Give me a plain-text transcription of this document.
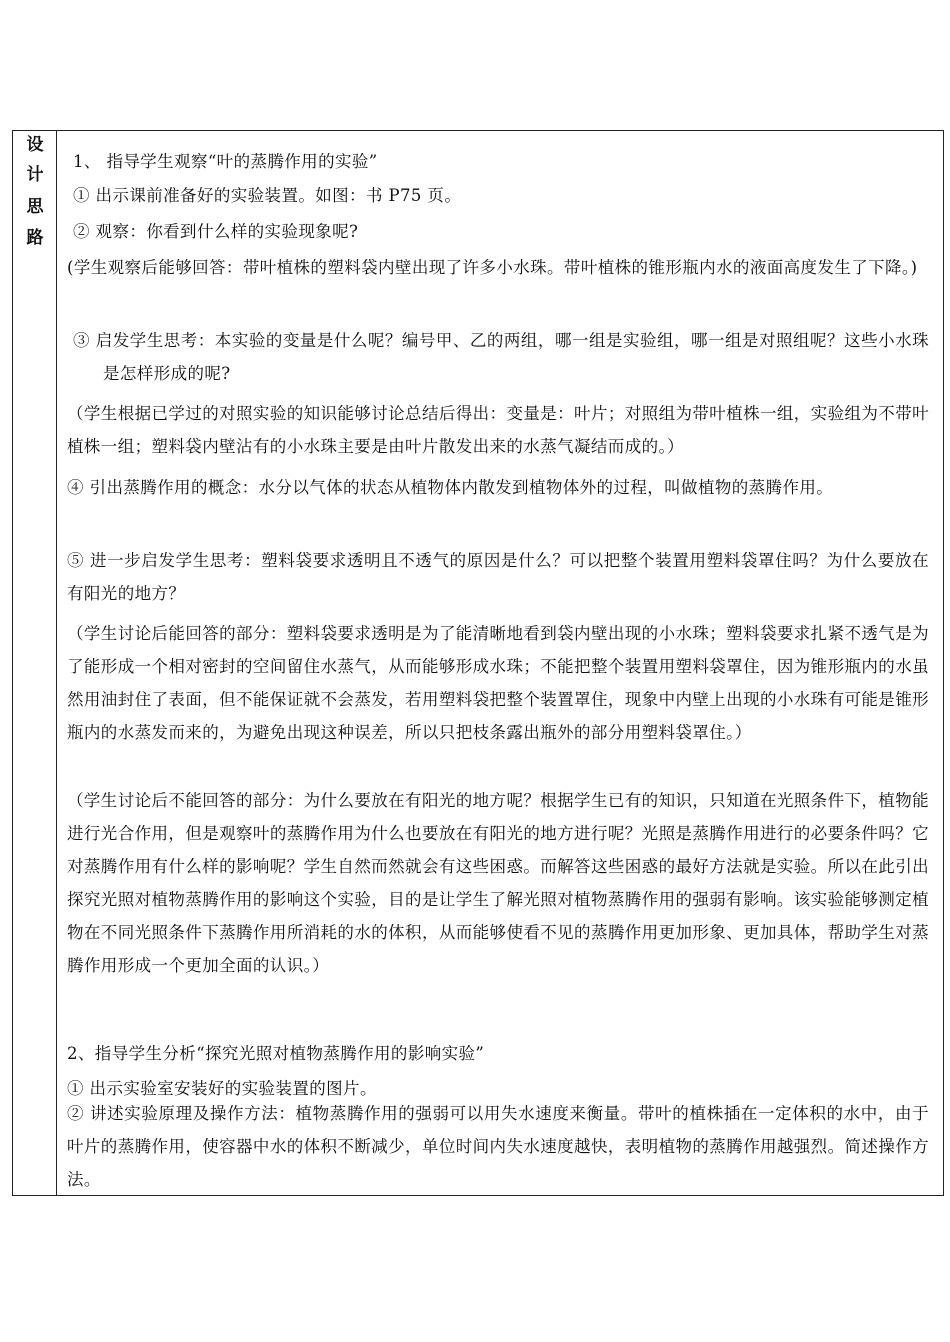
设
计
思
路

1、 指导学生观察“叶的蒸腾作用的实验”

① 出示课前准备好的实验装置。如图：书 P75 页。

② 观察：你看到什么样的实验现象呢?

(学生观察后能够回答：带叶植株的塑料袋内壁出现了许多小水珠。带叶植株的锥形瓶内水的液面高度发生了下降。)

③ 启发学生思考：本实验的变量是什么呢？编号甲、乙的两组，哪一组是实验组，哪一组是对照组呢？这些小水珠是怎样形成的呢?

（学生根据已学过的对照实验的知识能够讨论总结后得出：变量是：叶片；对照组为带叶植株一组，实验组为不带叶植株一组；塑料袋内壁沾有的小水珠主要是由叶片散发出来的水蒸气凝结而成的。）

④ 引出蒸腾作用的概念：水分以气体的状态从植物体内散发到植物体外的过程，叫做植物的蒸腾作用。

⑤ 进一步启发学生思考：塑料袋要求透明且不透气的原因是什么？可以把整个装置用塑料袋罩住吗？为什么要放在有阳光的地方？

（学生讨论后能回答的部分：塑料袋要求透明是为了能清晰地看到袋内壁出现的小水珠；塑料袋要求扎紧不透气是为了能形成一个相对密封的空间留住水蒸气，从而能够形成水珠；不能把整个装置用塑料袋罩住，因为锥形瓶内的水虽然用油封住了表面，但不能保证就不会蒸发，若用塑料袋把整个装置罩住，现象中内壁上出现的小水珠有可能是锥形瓶内的水蒸发而来的，为避免出现这种误差，所以只把枝条露出瓶外的部分用塑料袋罩住。）

（学生讨论后不能回答的部分：为什么要放在有阳光的地方呢？根据学生已有的知识，只知道在光照条件下，植物能进行光合作用，但是观察叶的蒸腾作用为什么也要放在有阳光的地方进行呢？光照是蒸腾作用进行的必要条件吗？它对蒸腾作用有什么样的影响呢？学生自然而然就会有这些困惑。而解答这些困惑的最好方法就是实验。所以在此引出探究光照对植物蒸腾作用的影响这个实验，目的是让学生了解光照对植物蒸腾作用的强弱有影响。该实验能够测定植物在不同光照条件下蒸腾作用所消耗的水的体积，从而能够使看不见的蒸腾作用更加形象、更加具体，帮助学生对蒸腾作用形成一个更加全面的认识。）

2、指导学生分析“探究光照对植物蒸腾作用的影响实验”

① 出示实验室安装好的实验装置的图片。

② 讲述实验原理及操作方法：植物蒸腾作用的强弱可以用失水速度来衡量。带叶的植株插在一定体积的水中，由于叶片的蒸腾作用，使容器中水的体积不断减少，单位时间内失水速度越快，表明植物的蒸腾作用越强烈。简述操作方法。
